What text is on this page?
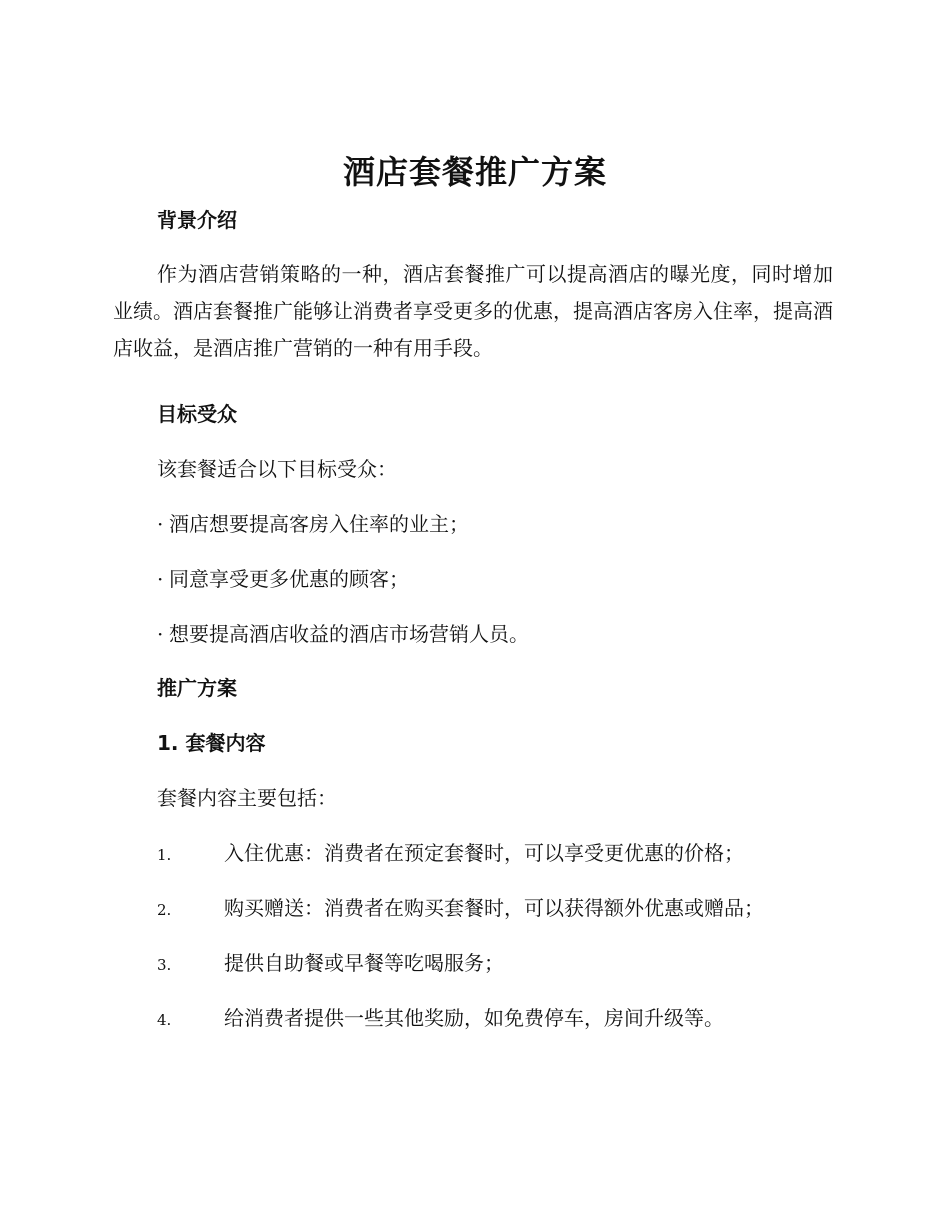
酒店套餐推广方案
背景介绍
作为酒店营销策略的一种，酒店套餐推广可以提高酒店的曝光度，同时增加业绩。酒店套餐推广能够让消费者享受更多的优惠，提高酒店客房入住率，提高酒店收益，是酒店推广营销的一种有用手段。
目标受众
该套餐适合以下目标受众：
· 酒店想要提高客房入住率的业主；
· 同意享受更多优惠的顾客；
· 想要提高酒店收益的酒店市场营销人员。
推广方案
1. 套餐内容
套餐内容主要包括：
1.	入住优惠：消费者在预定套餐时，可以享受更优惠的价格；
2.	购买赠送：消费者在购买套餐时，可以获得额外优惠或赠品；
3.	提供自助餐或早餐等吃喝服务；
4.	给消费者提供一些其他奖励，如免费停车，房间升级等。
